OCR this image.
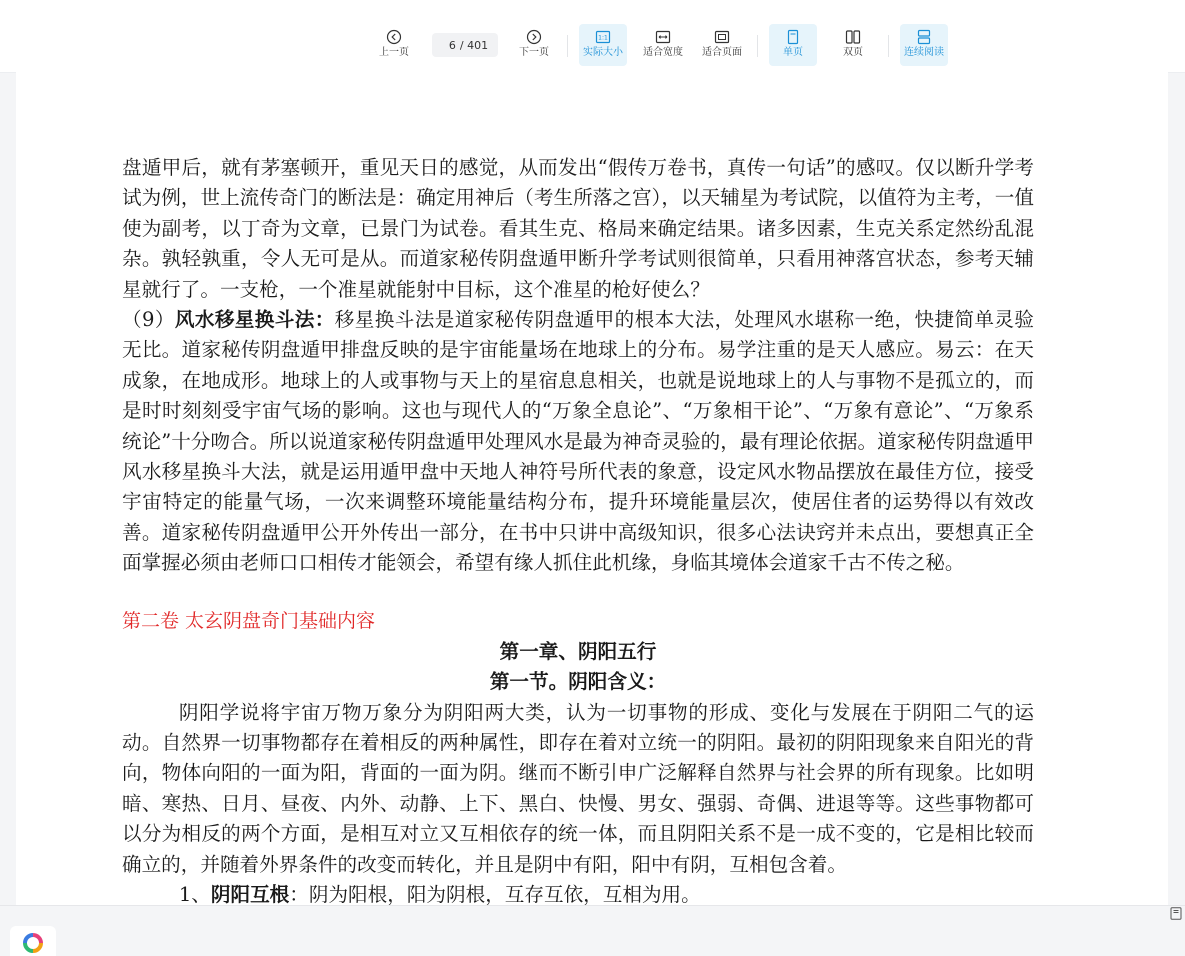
上一页
6
/ 401
下一页
1:1
实际大小 适合宽度 适合页面	单页	双页	连续阅读

盘遁甲后，就有茅塞顿开，重见天日的感觉，从而发出“假传万卷书，真传一句话”的感叹。仅以断升学考试为例，世上流传奇门的断法是：确定用神后（考生所落之宫），以天辅星为考试院，以值符为主考，一值使为副考，以丁奇为文章，已景门为试卷。看其生克、格局来确定结果。诸多因素，生克关系定然纷乱混杂。孰轻孰重，令人无可是从。而道家秘传阴盘遁甲断升学考试则很简单，只看用神落宫状态，参考天辅星就行了。一支枪，一个准星就能射中目标，这个准星的枪好使么？

（9）风水移星换斗法：移星换斗法是道家秘传阴盘遁甲的根本大法，处理风水堪称一绝，快捷简单灵验无比。道家秘传阴盘遁甲排盘反映的是宇宙能量场在地球上的分布。易学注重的是天人感应。易云：在天成象，在地成形。地球上的人或事物与天上的星宿息息相关，也就是说地球上的人与事物不是孤立的，而是时时刻刻受宇宙气场的影响。这也与现代人的“万象全息论”、“万象相干论”、“万象有意论”、“万象系统论”十分吻合。所以说道家秘传阴盘遁甲处理风水是最为神奇灵验的，最有理论依据。道家秘传阴盘遁甲风水移星换斗大法，就是运用遁甲盘中天地人神符号所代表的象意，设定风水物品摆放在最佳方位，接受宇宙特定的能量气场，一次来调整环境能量结构分布，提升环境能量层次，使居住者的运势得以有效改善。道家秘传阴盘遁甲公开外传出一部分，在书中只讲中高级知识，很多心法诀窍并未点出，要想真正全面掌握必须由老师口口相传才能领会，希望有缘人抓住此机缘，身临其境体会道家千古不传之秘。

第二卷 太玄阴盘奇门基础内容

第一章、阴阳五行

第一节。阴阳含义：

阴阳学说将宇宙万物万象分为阴阳两大类，认为一切事物的形成、变化与发展在于阴阳二气的运动。自然界一切事物都存在着相反的两种属性，即存在着对立统一的阴阳。最初的阴阳现象来自阳光的背向，物体向阳的一面为阳，背面的一面为阴。继而不断引申广泛解释自然界与社会界的所有现象。比如明暗、寒热、日月、昼夜、内外、动静、上下、黑白、快慢、男女、强弱、奇偶、进退等等。这些事物都可以分为相反的两个方面，是相互对立又互相依存的统一体，而且阴阳关系不是一成不变的，它是相比较而确立的，并随着外界条件的改变而转化，并且是阴中有阳，阳中有阴，互相包含着。

1、阴阳互根：阴为阳根，阳为阴根，互存互依，互相为用。
